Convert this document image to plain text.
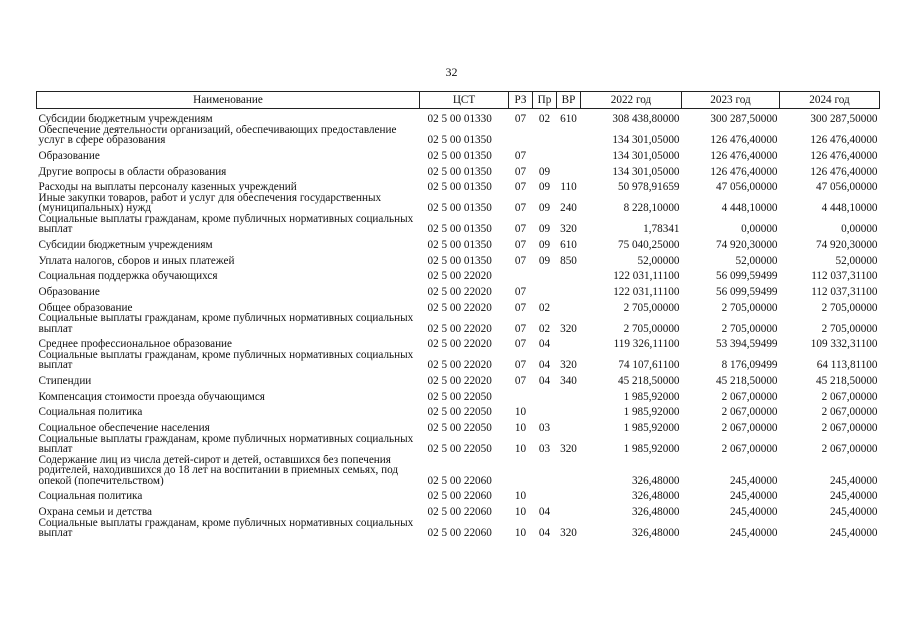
32
Наименование	ЦСТ	РЗ	Пр	ВР	2022 год	2023 год	2024 год
Субсидии бюджетным учреждениям	02 5 00 01330	07	02	610	308 438,80000	300 287,50000	300 287,50000
Обеспечение деятельности организаций, обеспечивающих предоставление услуг в сфере образования	02 5 00 01350				134 301,05000	126 476,40000	126 476,40000
Образование	02 5 00 01350	07			134 301,05000	126 476,40000	126 476,40000
Другие вопросы в области образования	02 5 00 01350	07	09		134 301,05000	126 476,40000	126 476,40000
Расходы на выплаты персоналу казенных учреждений	02 5 00 01350	07	09	110	50 978,91659	47 056,00000	47 056,00000
Иные закупки товаров, работ и услуг для обеспечения государственных (муниципальных) нужд	02 5 00 01350	07	09	240	8 228,10000	4 448,10000	4 448,10000
Социальные выплаты гражданам, кроме публичных нормативных социальных выплат	02 5 00 01350	07	09	320	1,78341	0,00000	0,00000
Субсидии бюджетным учреждениям	02 5 00 01350	07	09	610	75 040,25000	74 920,30000	74 920,30000
Уплата налогов, сборов и иных платежей	02 5 00 01350	07	09	850	52,00000	52,00000	52,00000
Социальная поддержка обучающихся	02 5 00 22020				122 031,11100	56 099,59499	112 037,31100
Образование	02 5 00 22020	07			122 031,11100	56 099,59499	112 037,31100
Общее образование	02 5 00 22020	07	02		2 705,00000	2 705,00000	2 705,00000
Социальные выплаты гражданам, кроме публичных нормативных социальных выплат	02 5 00 22020	07	02	320	2 705,00000	2 705,00000	2 705,00000
Среднее профессиональное образование	02 5 00 22020	07	04		119 326,11100	53 394,59499	109 332,31100
Социальные выплаты гражданам, кроме публичных нормативных социальных выплат	02 5 00 22020	07	04	320	74 107,61100	8 176,09499	64 113,81100
Стипендии	02 5 00 22020	07	04	340	45 218,50000	45 218,50000	45 218,50000
Компенсация стоимости проезда обучающимся	02 5 00 22050				1 985,92000	2 067,00000	2 067,00000
Социальная политика	02 5 00 22050	10			1 985,92000	2 067,00000	2 067,00000
Социальное обеспечение населения	02 5 00 22050	10	03		1 985,92000	2 067,00000	2 067,00000
Социальные выплаты гражданам, кроме публичных нормативных социальных выплат	02 5 00 22050	10	03	320	1 985,92000	2 067,00000	2 067,00000
Содержание лиц из числа детей-сирот и детей, оставшихся без попечения родителей, находившихся до 18 лет на воспитании в приемных семьях, под опекой (попечительством)	02 5 00 22060				326,48000	245,40000	245,40000
Социальная политика	02 5 00 22060	10			326,48000	245,40000	245,40000
Охрана семьи и детства	02 5 00 22060	10	04		326,48000	245,40000	245,40000
Социальные выплаты гражданам, кроме публичных нормативных социальных выплат	02 5 00 22060	10	04	320	326,48000	245,40000	245,40000
